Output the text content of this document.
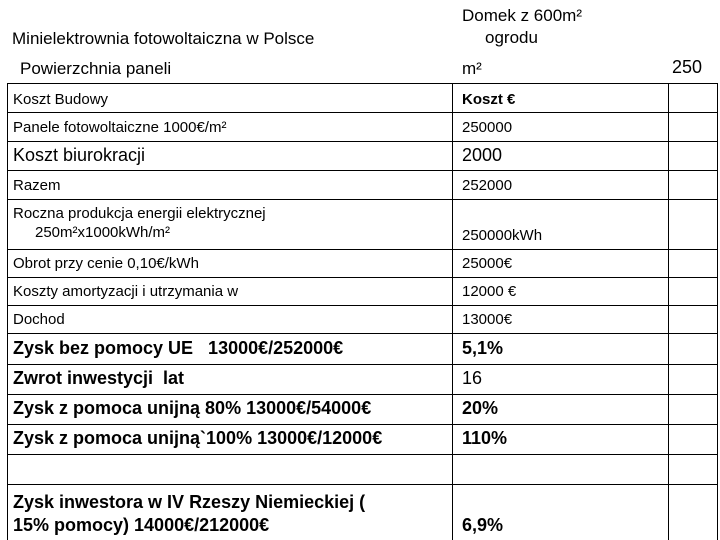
Minielektrownia fotowoltaiczna w Polsce
Domek z 600m²
ogrodu
Powierzchnia paneli	m²	250
Koszt Budowy	Koszt €
Panele fotowoltaiczne 1000€/m²	250000
Koszt biurokracji	2000
Razem	252000
Roczna produkcja energii elektrycznej
250m²x1000kWh/m²	250000kWh
Obrot przy cenie 0,10€/kWh	25000€
Koszty amortyzacji i utrzymania w	12000 €
Dochod	13000€
Zysk bez pomocy UE   13000€/252000€	5,1%
Zwrot inwestycji  lat	16
Zysk z pomoca unijną 80% 13000€/54000€	20%
Zysk z pomoca unijną`100% 13000€/12000€	110%
Zysk inwestora w IV Rzeszy Niemieckiej (
15% pomocy) 14000€/212000€	6,9%
